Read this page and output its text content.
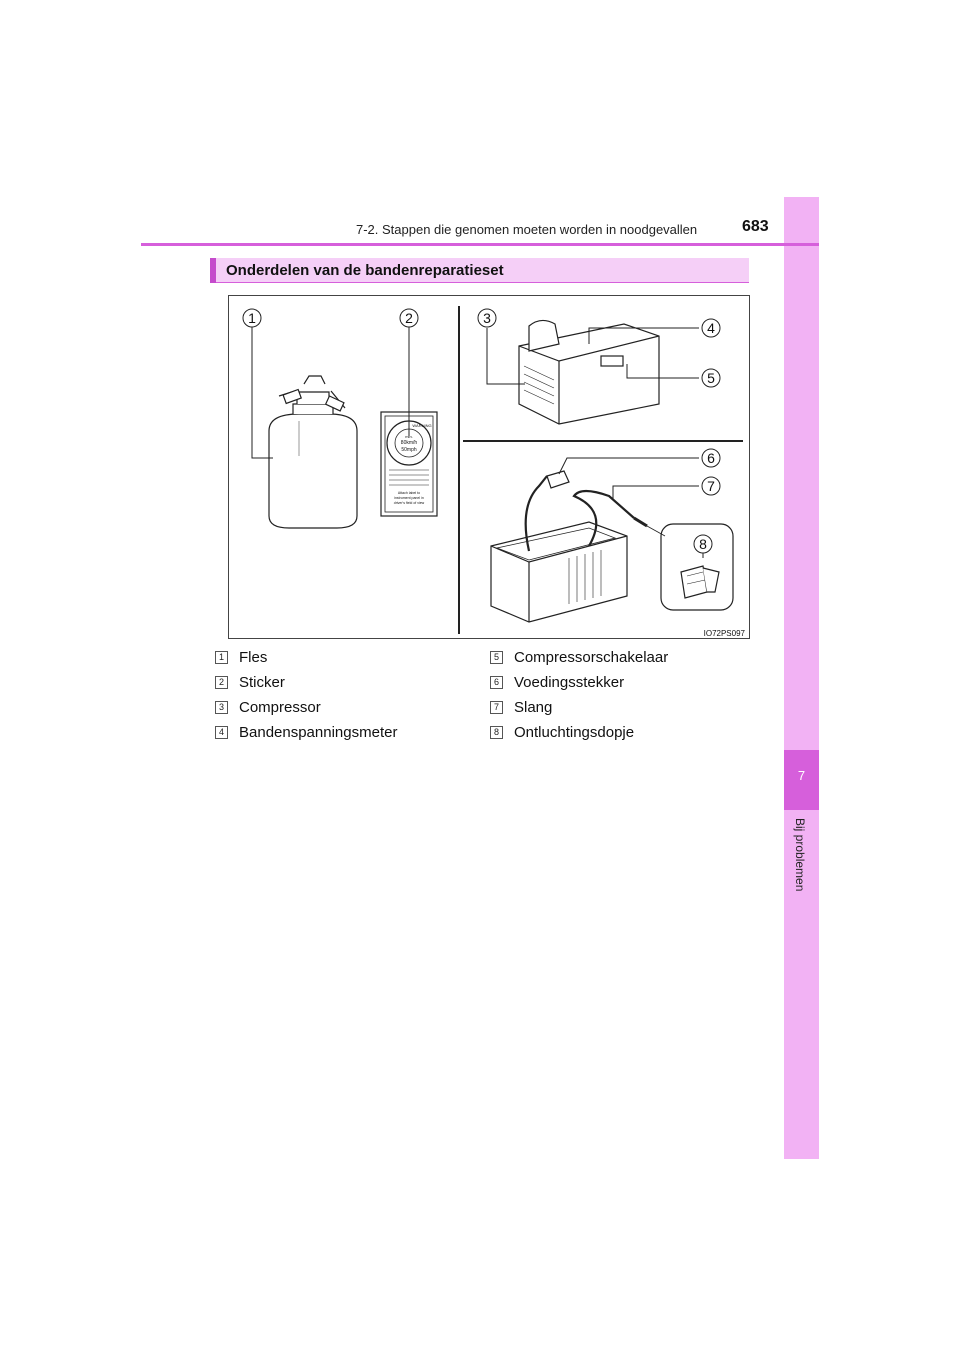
7
Bij problemen
7-2. Stappen die genomen moeten worden in noodgevallen	683
Onderdelen van de bandenreparatieset
1	2	3
4
5
6
7
8
min.
80km/h
50mph
WARNING
Attach label to
instrument panel in
driver's field of view
IO72PS097
1 Fles
2 Sticker
3 Compressor
4 Bandenspanningsmeter
5 Compressorschakelaar
6 Voedingsstekker
7 Slang
8 Ontluchtingsdopje
